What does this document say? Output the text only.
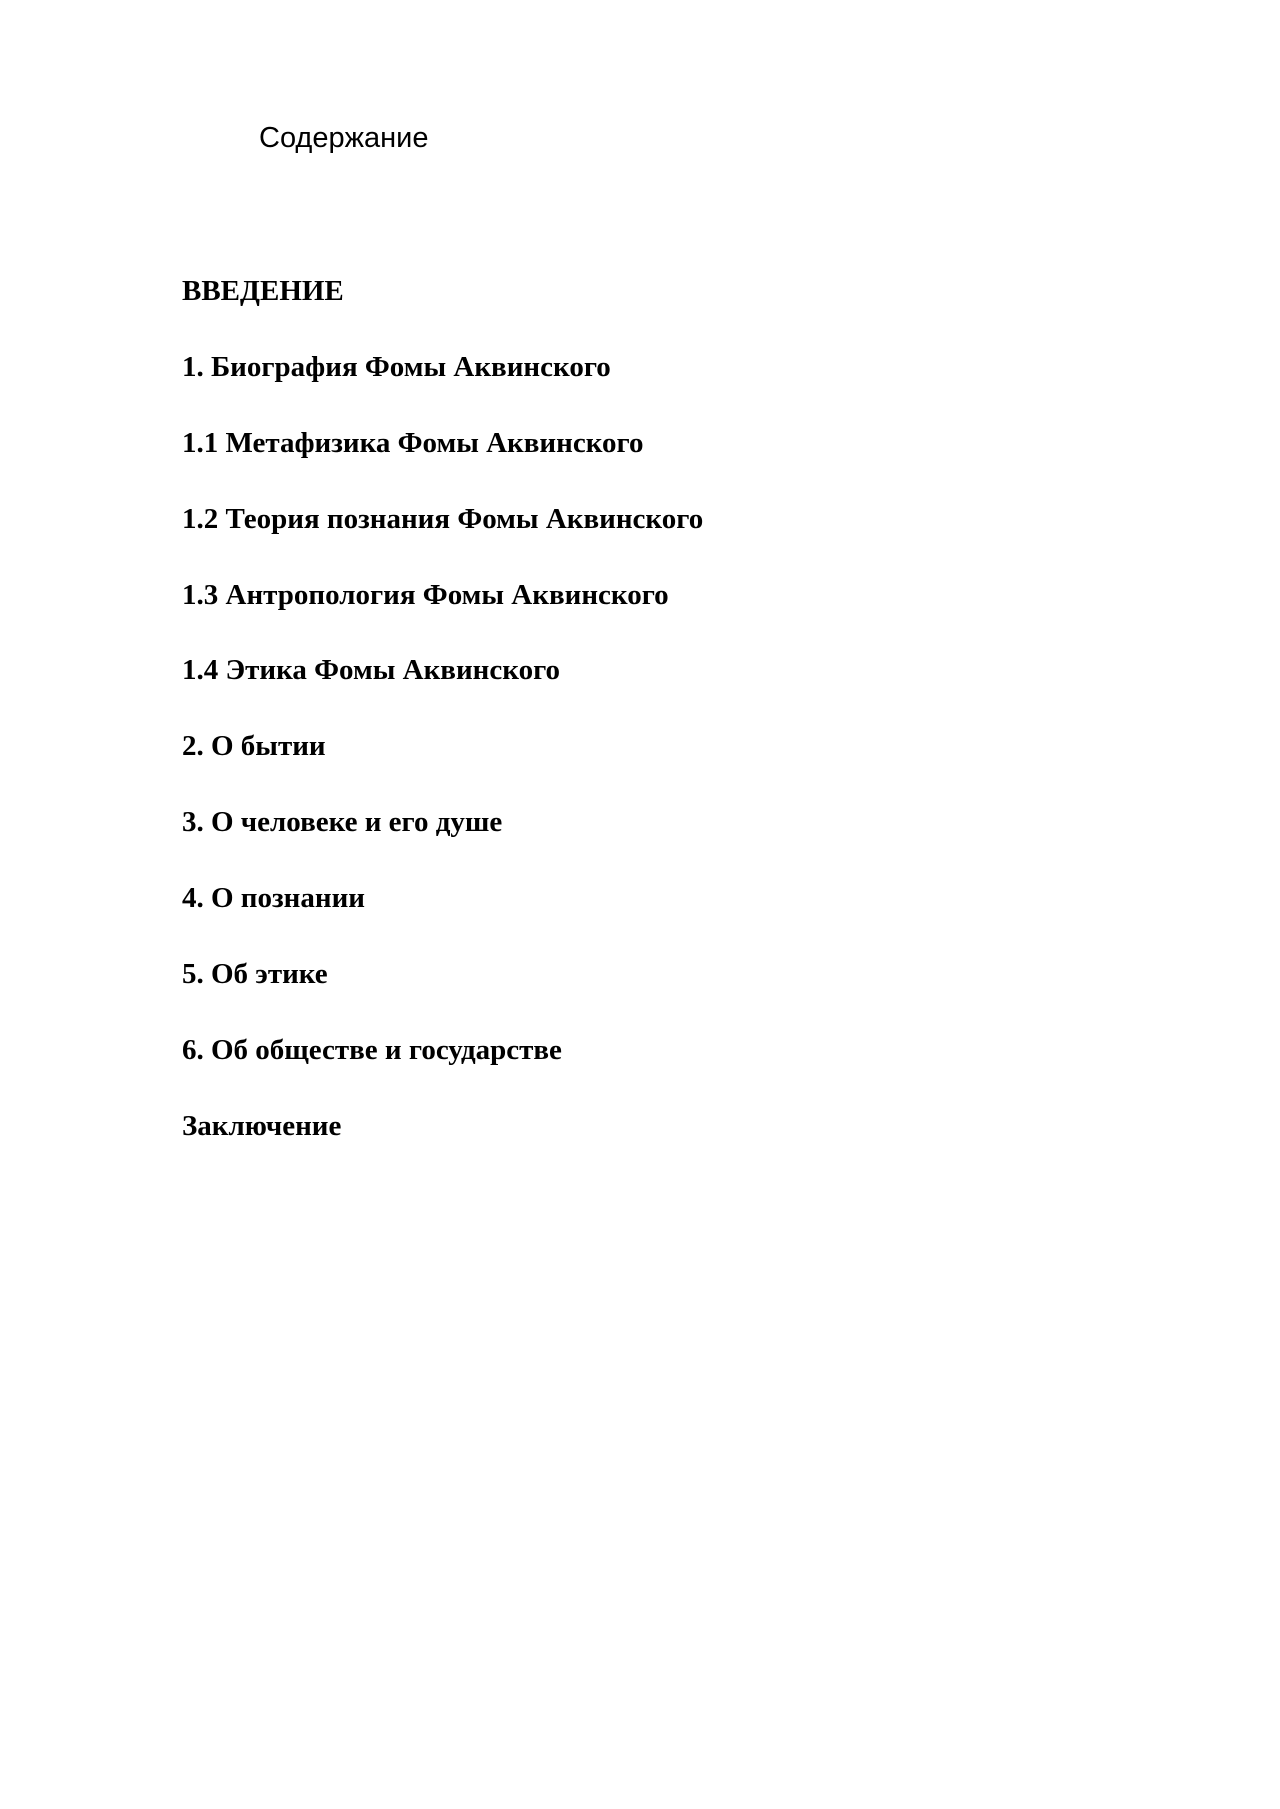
Содержание
ВВЕДЕНИЕ
1. Биография Фомы Аквинского
1.1 Метафизика Фомы Аквинского
1.2 Теория познания Фомы Аквинского
1.3 Антропология Фомы Аквинского
1.4 Этика Фомы Аквинского
2. О бытии
3. О человеке и его душе
4. О познании
5. Об этике
6. Об обществе и государстве
Заключение
